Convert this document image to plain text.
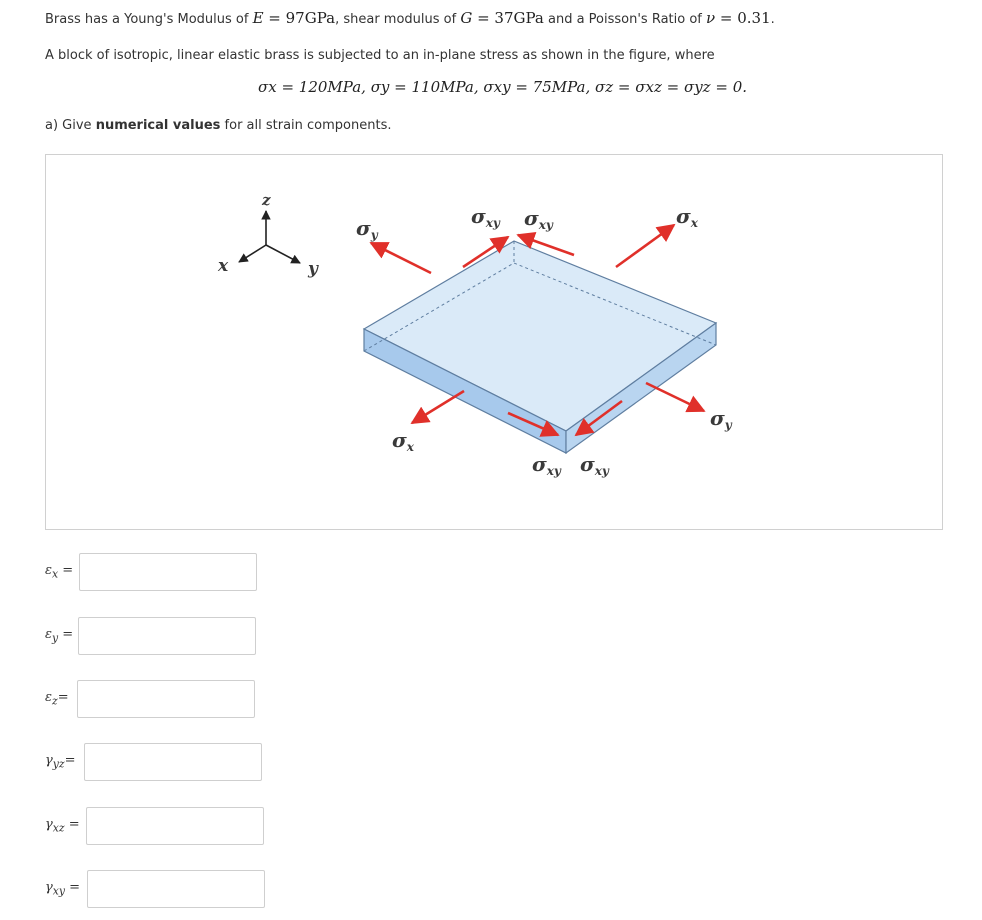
Brass has a Young's Modulus of E = 97GPa, shear modulus of G = 37GPa and a Poisson's Ratio of ν = 0.31.
A block of isotropic, linear elastic brass is subjected to an in-plane stress as shown in the figure, where
σx = 120MPa, σy = 110MPa, σxy = 75MPa, σz = σxz = σyz = 0.
a) Give numerical values for all strain components.
z
x	y
$\sigma_y$
$\sigma_{xy}$ $\sigma_{xy}$	$\sigma_x$
$\sigma_x$
$\sigma_y$
$\sigma_{xy}$ $\sigma_{xy}$
$\varepsilon_x$ =
$\varepsilon_y$ =
$\varepsilon_z=$
$\gamma_{yz}=$
$\gamma_{xz}$ =
$\gamma_{xy}$ =
